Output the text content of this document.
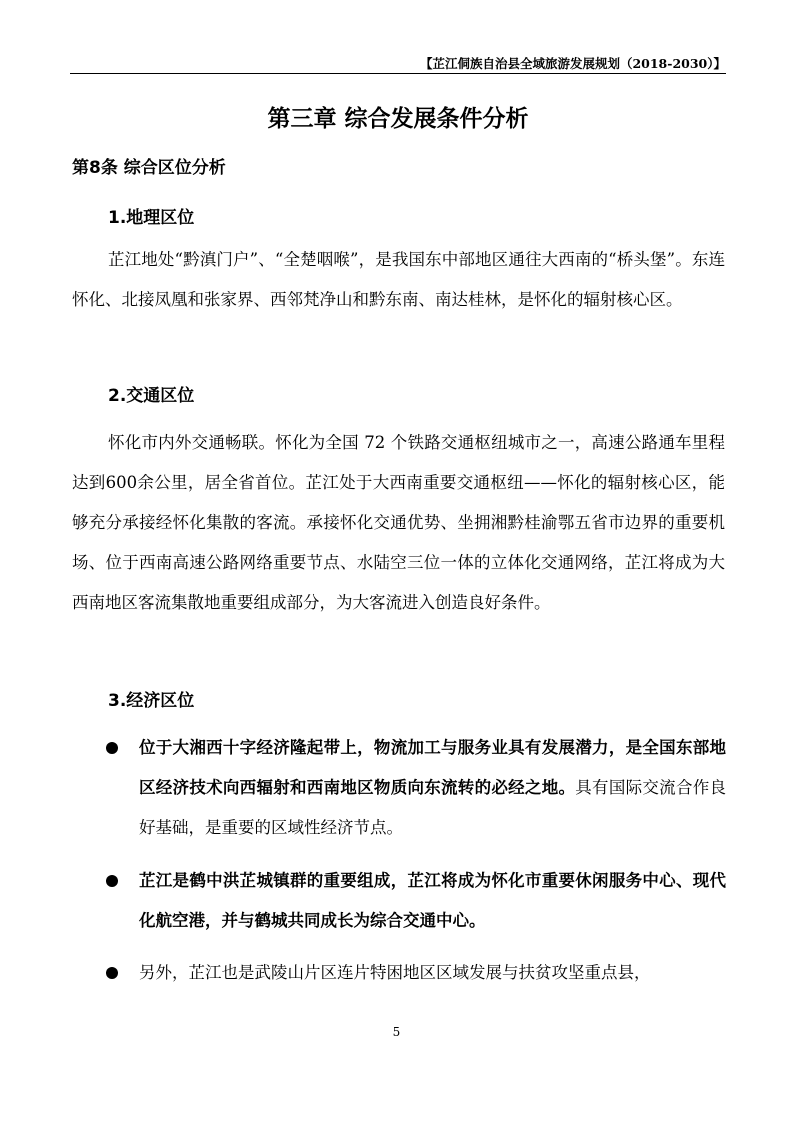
【芷江侗族自治县全域旅游发展规划（2018-2030）】
第三章 综合发展条件分析
第8条 综合区位分析
1.地理区位
芷江地处“黔滇门户”、“全楚咽喉”，是我国东中部地区通往大西南的“桥头堡”。东连怀化、北接凤凰和张家界、西邻梵净山和黔东南、南达桂林，是怀化的辐射核心区。
2.交通区位
怀化市内外交通畅联。怀化为全国 72 个铁路交通枢纽城市之一，高速公路通车里程达到600余公里，居全省首位。芷江处于大西南重要交通枢纽——怀化的辐射核心区，能够充分承接经怀化集散的客流。承接怀化交通优势、坐拥湘黔桂渝鄂五省市边界的重要机场、位于西南高速公路网络重要节点、水陆空三位一体的立体化交通网络，芷江将成为大西南地区客流集散地重要组成部分，为大客流进入创造良好条件。
3.经济区位
位于大湘西十字经济隆起带上，物流加工与服务业具有发展潜力，是全国东部地区经济技术向西辐射和西南地区物质向东流转的必经之地。具有国际交流合作良好基础，是重要的区域性经济节点。
芷江是鹤中洪芷城镇群的重要组成，芷江将成为怀化市重要休闲服务中心、现代化航空港，并与鹤城共同成长为综合交通中心。
另外，芷江也是武陵山片区连片特困地区区域发展与扶贫攻坚重点县，
5
